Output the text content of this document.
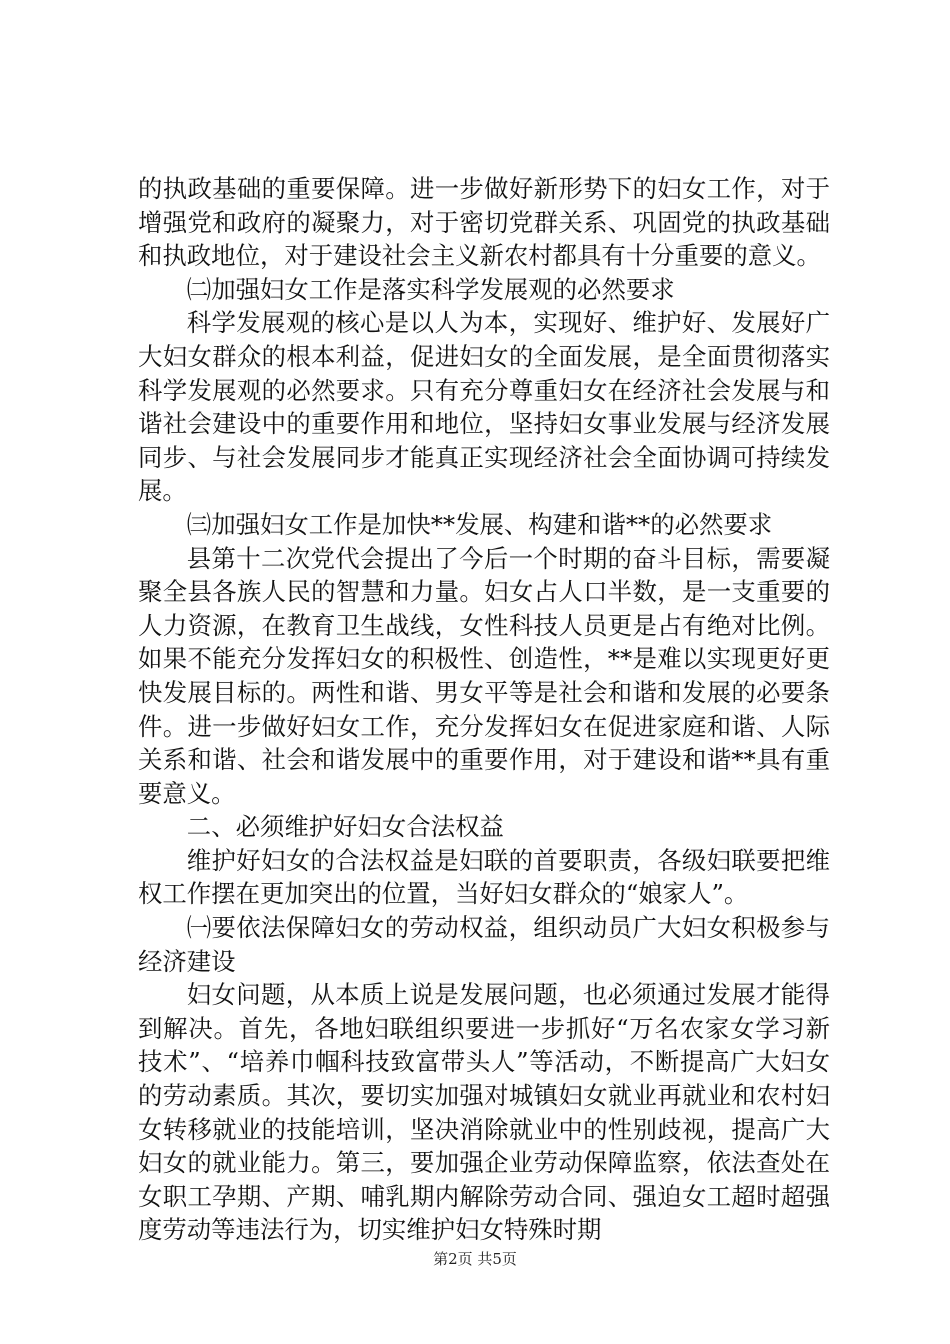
的执政基础的重要保障。进一步做好新形势下的妇女工作，对于增强党和政府的凝聚力，对于密切党群关系、巩固党的执政基础和执政地位，对于建设社会主义新农村都具有十分重要的意义。

㈡加强妇女工作是落实科学发展观的必然要求

科学发展观的核心是以人为本，实现好、维护好、发展好广大妇女群众的根本利益，促进妇女的全面发展，是全面贯彻落实科学发展观的必然要求。只有充分尊重妇女在经济社会发展与和谐社会建设中的重要作用和地位，坚持妇女事业发展与经济发展同步、与社会发展同步才能真正实现经济社会全面协调可持续发展。

㈢加强妇女工作是加快**发展、构建和谐**的必然要求

县第十二次党代会提出了今后一个时期的奋斗目标，需要凝聚全县各族人民的智慧和力量。妇女占人口半数，是一支重要的人力资源，在教育卫生战线，女性科技人员更是占有绝对比例。如果不能充分发挥妇女的积极性、创造性，**是难以实现更好更快发展目标的。两性和谐、男女平等是社会和谐和发展的必要条件。进一步做好妇女工作，充分发挥妇女在促进家庭和谐、人际关系和谐、社会和谐发展中的重要作用，对于建设和谐**具有重要意义。

二、必须维护好妇女合法权益

维护好妇女的合法权益是妇联的首要职责，各级妇联要把维权工作摆在更加突出的位置，当好妇女群众的“娘家人”。

㈠要依法保障妇女的劳动权益，组织动员广大妇女积极参与经济建设

妇女问题，从本质上说是发展问题，也必须通过发展才能得到解决。首先，各地妇联组织要进一步抓好“万名农家女学习新技术”、“培养巾帼科技致富带头人”等活动，不断提高广大妇女的劳动素质。其次，要切实加强对城镇妇女就业再就业和农村妇女转移就业的技能培训，坚决消除就业中的性别歧视，提高广大妇女的就业能力。第三，要加强企业劳动保障监察，依法查处在女职工孕期、产期、哺乳期内解除劳动合同、强迫女工超时超强度劳动等违法行为，切实维护妇女特殊时期

第2页 共5页
